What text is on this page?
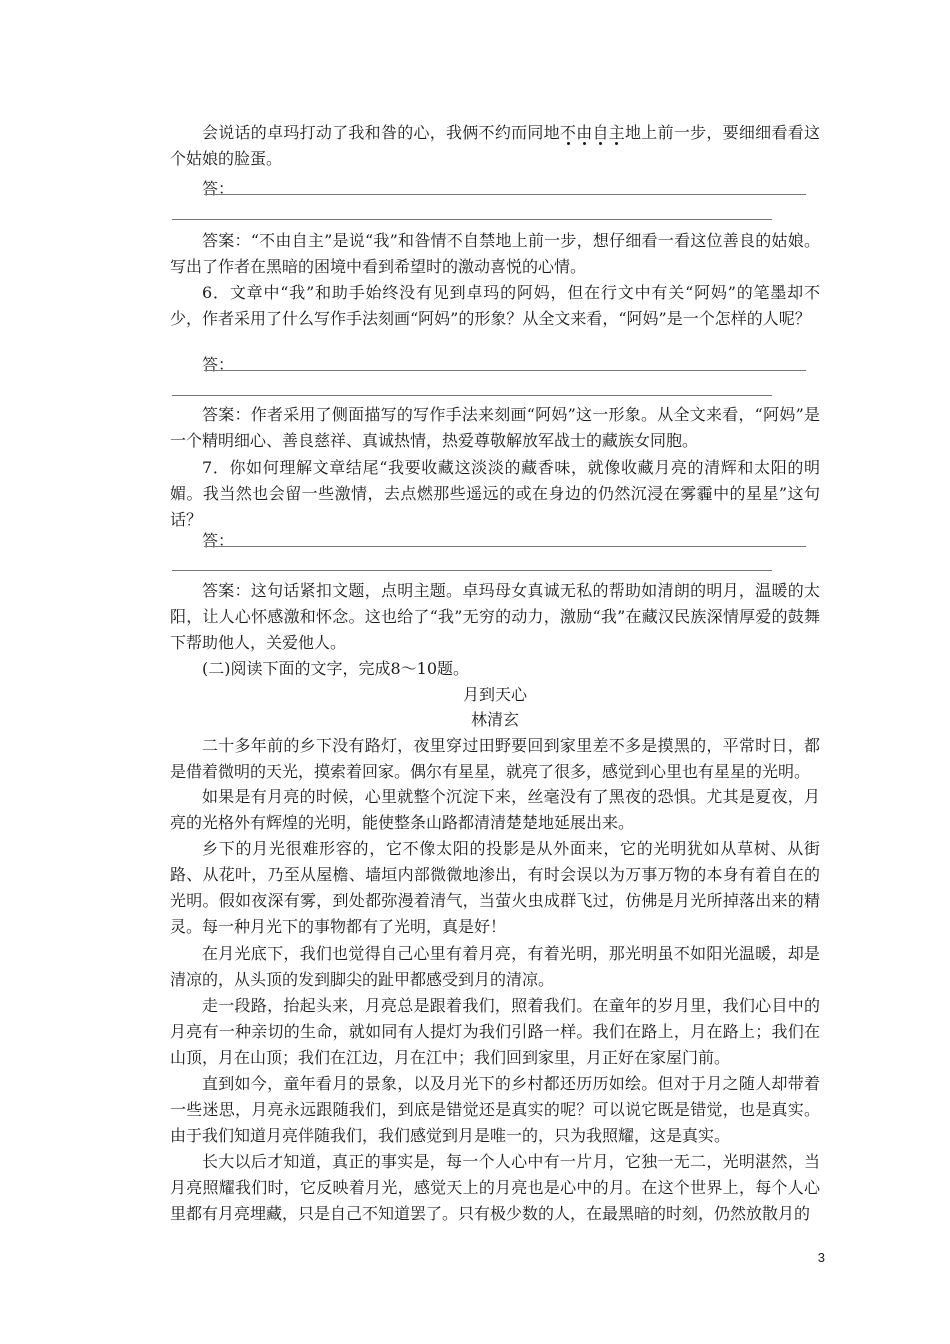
会说话的卓玛打动了我和昝的心，我俩不约而同地不由自主地上前一步，要细细看看这个姑娘的脸蛋。

答：

答案：“不由自主”是说“我”和昝情不自禁地上前一步，想仔细看一看这位善良的姑娘。写出了作者在黑暗的困境中看到希望时的激动喜悦的心情。

6．文章中“我”和助手始终没有见到卓玛的阿妈，但在行文中有关“阿妈”的笔墨却不少，作者采用了什么写作手法刻画“阿妈”的形象？从全文来看，“阿妈”是一个怎样的人呢？

答：

答案：作者采用了侧面描写的写作手法来刻画“阿妈”这一形象。从全文来看，“阿妈”是一个精明细心、善良慈祥、真诚热情，热爱尊敬解放军战士的藏族女同胞。

7．你如何理解文章结尾“我要收藏这淡淡的藏香味，就像收藏月亮的清辉和太阳的明媚。我当然也会留一些激情，去点燃那些遥远的或在身边的仍然沉浸在雾霾中的星星”这句话？

答：

答案：这句话紧扣文题，点明主题。卓玛母女真诚无私的帮助如清朗的明月，温暖的太阳，让人心怀感激和怀念。这也给了“我”无穷的动力，激励“我”在藏汉民族深情厚爱的鼓舞下帮助他人，关爱他人。

(二)阅读下面的文字，完成8～10题。

月到天心
林清玄

二十多年前的乡下没有路灯，夜里穿过田野要回到家里差不多是摸黑的，平常时日，都是借着微明的天光，摸索着回家。偶尔有星星，就亮了很多，感觉到心里也有星星的光明。

如果是有月亮的时候，心里就整个沉淀下来，丝毫没有了黑夜的恐惧。尤其是夏夜，月亮的光格外有辉煌的光明，能使整条山路都清清楚楚地延展出来。

乡下的月光很难形容的，它不像太阳的投影是从外面来，它的光明犹如从草树、从街路、从花叶，乃至从屋檐、墙垣内部微微地渗出，有时会误以为万事万物的本身有着自在的光明。假如夜深有雾，到处都弥漫着清气，当萤火虫成群飞过，仿佛是月光所掉落出来的精灵。 每一种月光下的事物都有了光明，真是好！

在月光底下，我们也觉得自己心里有着月亮，有着光明，那光明虽不如阳光温暖，却是清凉的，从头顶的发到脚尖的趾甲都感受到月的清凉。

走一段路，抬起头来，月亮总是跟着我们，照着我们。在童年的岁月里，我们心目中的月亮有一种亲切的生命，就如同有人提灯为我们引路一样。我们在路上，月在路上；我们在山顶，月在山顶；我们在江边，月在江中；我们回到家里，月正好在家屋门前。

直到如今，童年看月的景象，以及月光下的乡村都还历历如绘。但对于月之随人却带着一些迷思，月亮永远跟随我们，到底是错觉还是真实的呢？可以说它既是错觉，也是真实。由于我们知道月亮伴随我们，我们感觉到月是唯一的，只为我照耀，这是真实。

长大以后才知道，真正的事实是，每一个人心中有一片月，它独一无二，光明湛然，当月亮照耀我们时，它反映着月光，感觉天上的月亮也是心中的月。在这个世界上，每个人心里都有月亮埋藏，只是自己不知道罢了。只有极少数的人，在最黑暗的时刻，仍然放散月的

3
